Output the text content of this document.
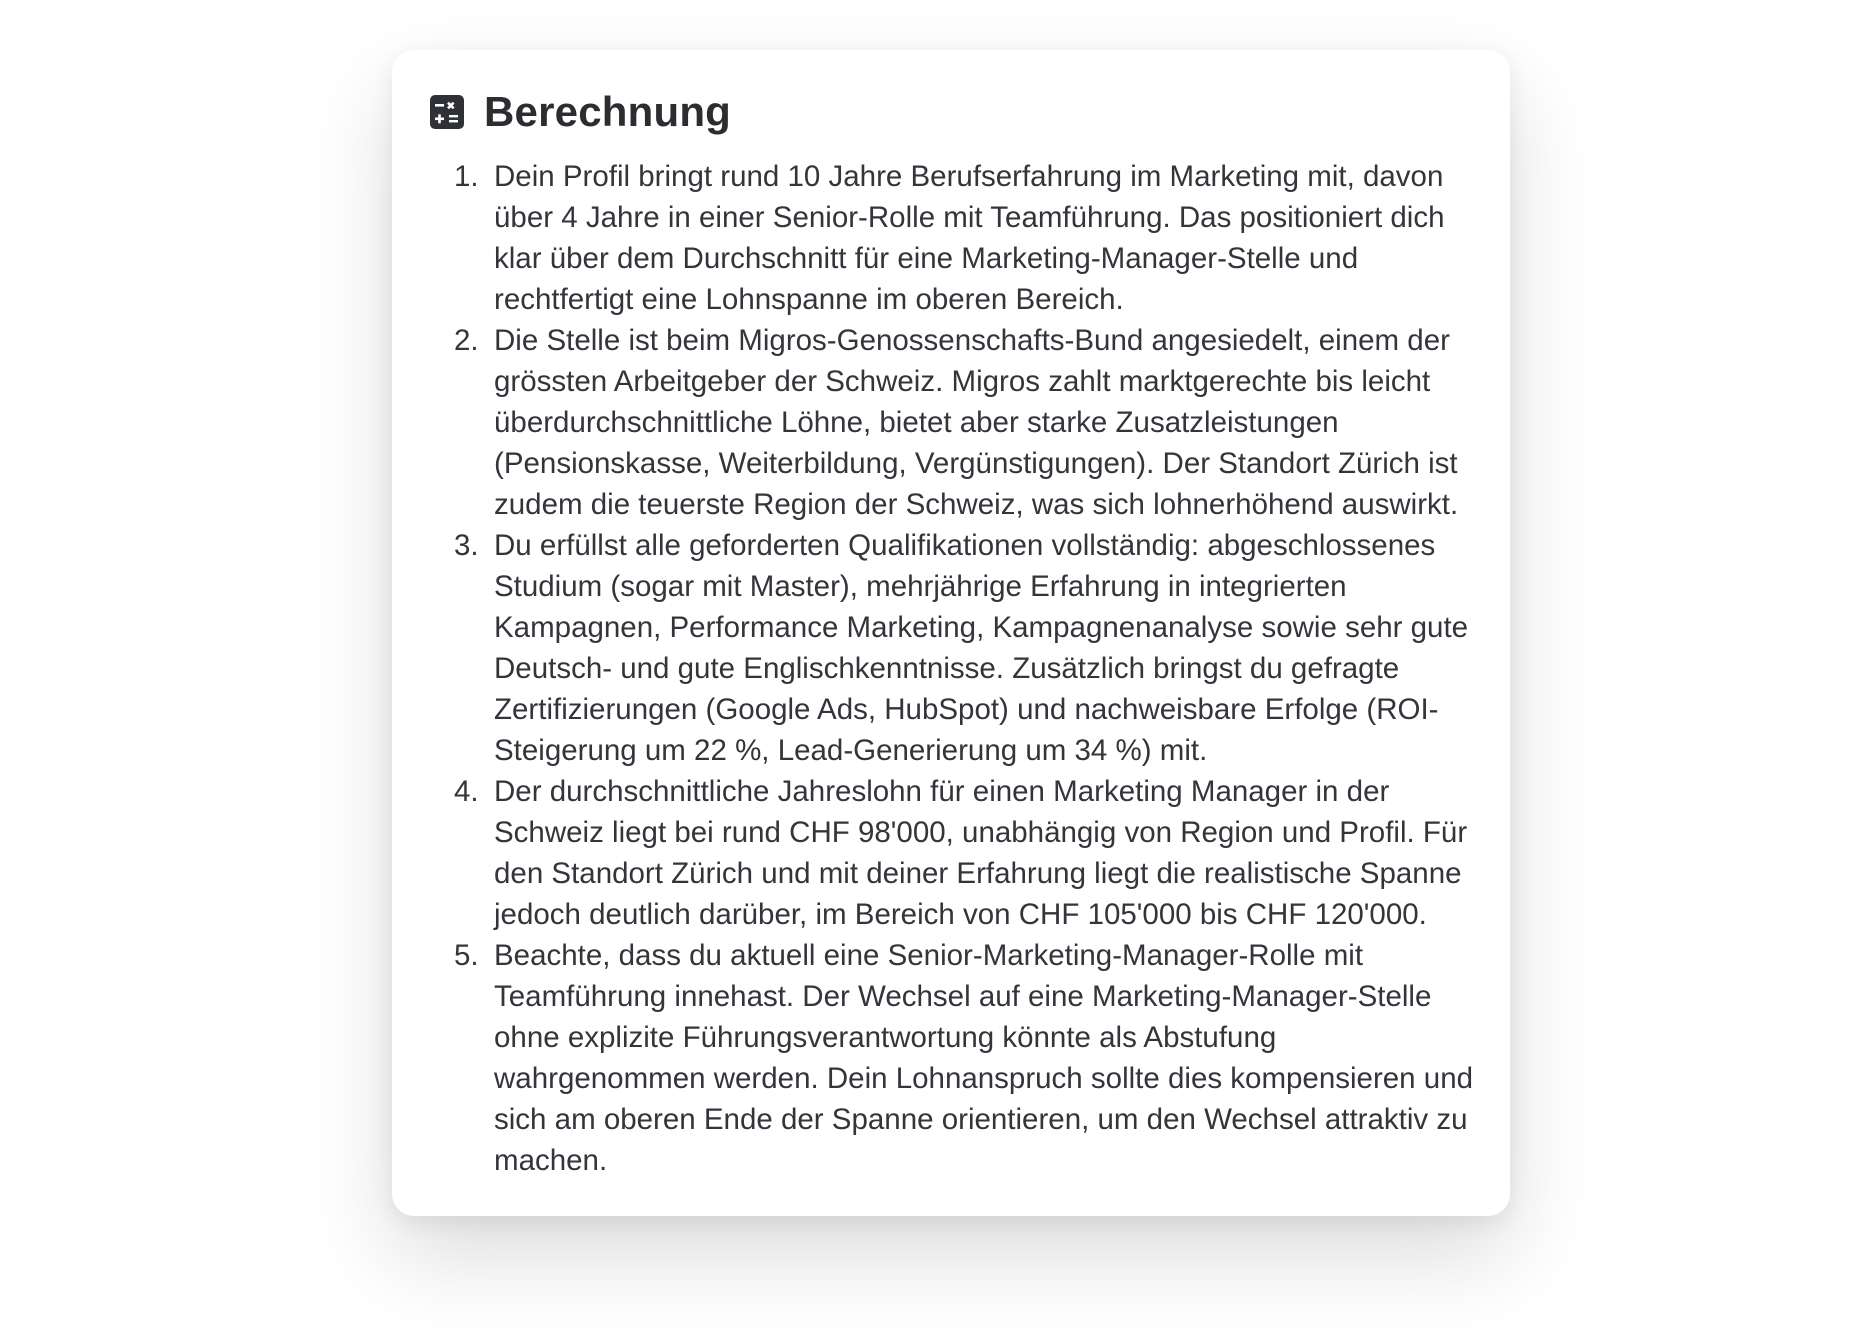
Berechnung
Dein Profil bringt rund 10 Jahre Berufserfahrung im Marketing mit, davon über 4 Jahre in einer Senior-Rolle mit Teamführung. Das positioniert dich klar über dem Durchschnitt für eine Marketing-Manager-Stelle und rechtfertigt eine Lohnspanne im oberen Bereich.
Die Stelle ist beim Migros-Genossenschafts-Bund angesiedelt, einem der grössten Arbeitgeber der Schweiz. Migros zahlt marktgerechte bis leicht überdurchschnittliche Löhne, bietet aber starke Zusatzleistungen (Pensionskasse, Weiterbildung, Vergünstigungen). Der Standort Zürich ist zudem die teuerste Region der Schweiz, was sich lohnerhöhend auswirkt.
Du erfüllst alle geforderten Qualifikationen vollständig: abgeschlossenes Studium (sogar mit Master), mehrjährige Erfahrung in integrierten Kampagnen, Performance Marketing, Kampagnenanalyse sowie sehr gute Deutsch- und gute Englischkenntnisse. Zusätzlich bringst du gefragte Zertifizierungen (Google Ads, HubSpot) und nachweisbare Erfolge (ROI-Steigerung um 22 %, Lead-Generierung um 34 %) mit.
Der durchschnittliche Jahreslohn für einen Marketing Manager in der Schweiz liegt bei rund CHF 98'000, unabhängig von Region und Profil. Für den Standort Zürich und mit deiner Erfahrung liegt die realistische Spanne jedoch deutlich darüber, im Bereich von CHF 105'000 bis CHF 120'000.
Beachte, dass du aktuell eine Senior-Marketing-Manager-Rolle mit Teamführung innehast. Der Wechsel auf eine Marketing-Manager-Stelle ohne explizite Führungsverantwortung könnte als Abstufung wahrgenommen werden. Dein Lohnanspruch sollte dies kompensieren und sich am oberen Ende der Spanne orientieren, um den Wechsel attraktiv zu machen.
